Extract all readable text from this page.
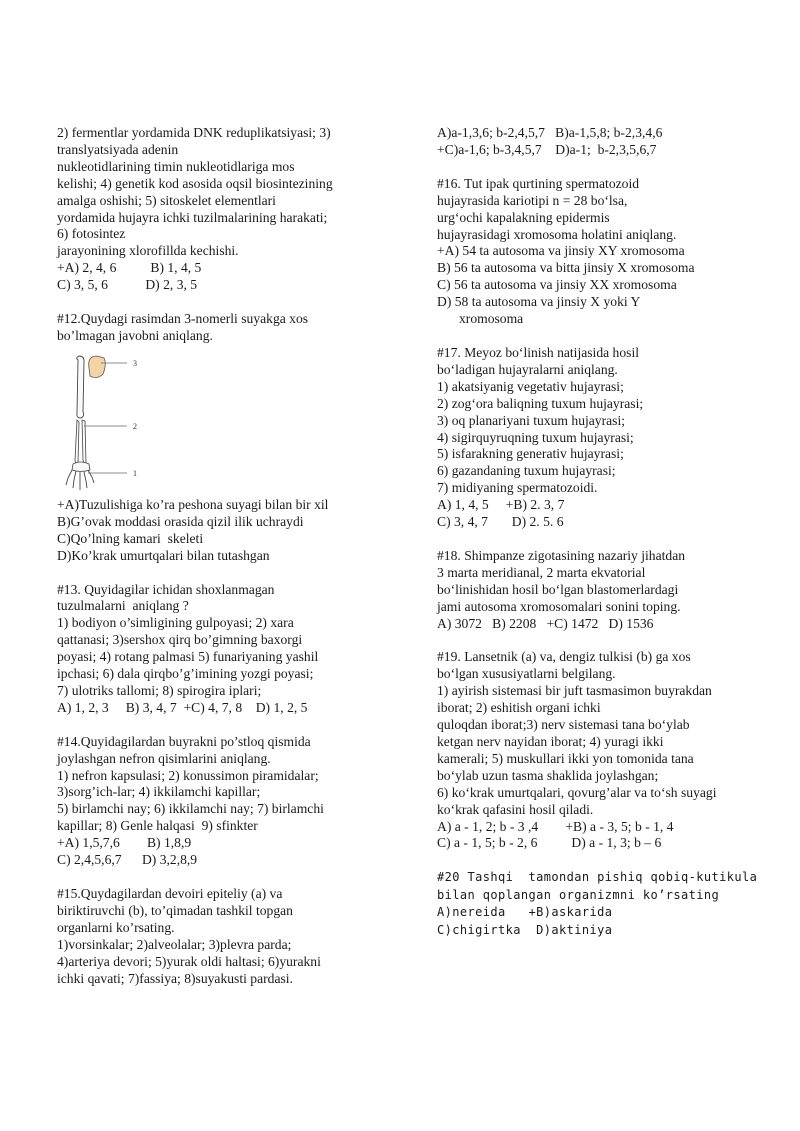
2) fermentlar yordamida DNK reduplikatsiyasi; 3)
translyatsiyada adenin
nukleotidlarining timin nukleotidlariga mos
kelishi; 4) genetik kod asosida oqsil biosintezining
amalga oshishi; 5) sitoskelet elementlari
yordamida hujayra ichki tuzilmalarining harakati;
6) fotosintez
jarayonining xlorofillda kechishi.
+A) 2, 4, 6          B) 1, 4, 5
C) 3, 5, 6           D) 2, 3, 5
#12.Quydagi rasimdan 3-nomerli suyakga xos
bo’lmagan javobni aniqlang.
3
2
1
+A)Tuzulishiga ko’ra peshona suyagi bilan bir xil
B)G’ovak moddasi orasida qizil ilik uchraydi
C)Qo’lning kamari  skeleti
D)Ko’krak umurtqalari bilan tutashgan
#13. Quyidagilar ichidan shoxlanmagan
tuzulmalarni  aniqlang ?
1) bodiyon o’simligining gulpoyasi; 2) xara
qattanasi; 3)sershox qirq bo’gimning baxorgi
poyasi; 4) rotang palmasi 5) funariyaning yashil
ipchasi; 6) dala qirqbo’g’imining yozgi poyasi;
7) ulotriks tallomi; 8) spirogira iplari;
A) 1, 2, 3     B) 3, 4, 7  +C) 4, 7, 8    D) 1, 2, 5
#14.Quyidagilardan buyrakni po’stloq qismida
joylashgan nefron qisimlarini aniqlang.
1) nefron kapsulasi; 2) konussimon piramidalar;
3)sorg’ich-lar; 4) ikkilamchi kapillar;
5) birlamchi nay; 6) ikkilamchi nay; 7) birlamchi
kapillar; 8) Genle halqasi  9) sfinkter
+A) 1,5,7,6        B) 1,8,9
C) 2,4,5,6,7      D) 3,2,8,9
#15.Quydagilardan devoiri epiteliy (a) va
biriktiruvchi (b), to’qimadan tashkil topgan
organlarni ko’rsating.
1)vorsinkalar; 2)alveolalar; 3)plevra parda;
4)arteriya devori; 5)yurak oldi haltasi; 6)yurakni
ichki qavati; 7)fassiya; 8)suyakusti pardasi.
A)a-1,3,6; b-2,4,5,7   B)a-1,5,8; b-2,3,4,6
+C)a-1,6; b-3,4,5,7    D)a-1;  b-2,3,5,6,7
#16. Tut ipak qurtining spermatozoid
hujayrasida kariotipi n = 28 bo‘lsa,
urg‘ochi kapalakning epidermis
hujayrasidagi xromosoma holatini aniqlang.
+A) 54 ta autosoma va jinsiy XY xromosoma
B) 56 ta autosoma va bitta jinsiy X xromosoma
C) 56 ta autosoma va jinsiy XX xromosoma
D) 58 ta autosoma va jinsiy X yoki Y
xromosoma
#17. Meyoz bo‘linish natijasida hosil
bo‘ladigan hujayralarni aniqlang.
1) akatsiyanig vegetativ hujayrasi;
2) zog‘ora baliqning tuxum hujayrasi;
3) oq planariyani tuxum hujayrasi;
4) sigirquyruqning tuxum hujayrasi;
5) isfarakning generativ hujayrasi;
6) gazandaning tuxum hujayrasi;
7) midiyaning spermatozoidi.
A) 1, 4, 5     +B) 2. 3, 7
C) 3, 4, 7       D) 2. 5. 6
#18. Shimpanze zigotasining nazariy jihatdan
3 marta meridianal, 2 marta ekvatorial
bo‘linishidan hosil bo‘lgan blastomerlardagi
jami autosoma xromosomalari sonini toping.
A) 3072   B) 2208   +C) 1472   D) 1536
#19. Lansetnik (a) va, dengiz tulkisi (b) ga xos
bo‘lgan xususiyatlarni belgilang.
1) ayirish sistemasi bir juft tasmasimon buyrakdan
iborat; 2) eshitish organi ichki
quloqdan iborat;3) nerv sistemasi tana bo‘ylab
ketgan nerv nayidan iborat; 4) yuragi ikki
kamerali; 5) muskullari ikki yon tomonida tana
bo‘ylab uzun tasma shaklida joylashgan;
6) ko‘krak umurtqalari, qovurg’alar va to‘sh suyagi
ko‘krak qafasini hosil qiladi.
A) a - 1, 2; b - 3 ,4        +B) a - 3, 5; b - 1, 4
C) a - 1, 5; b - 2, 6          D) a - 1, 3; b – 6
#20 Tashqi  tamondan pishiq qobiq-kutikula
bilan qoplangan organizmni ko’rsating
A)nereida   +B)askarida
C)chigirtka  D)aktiniya
